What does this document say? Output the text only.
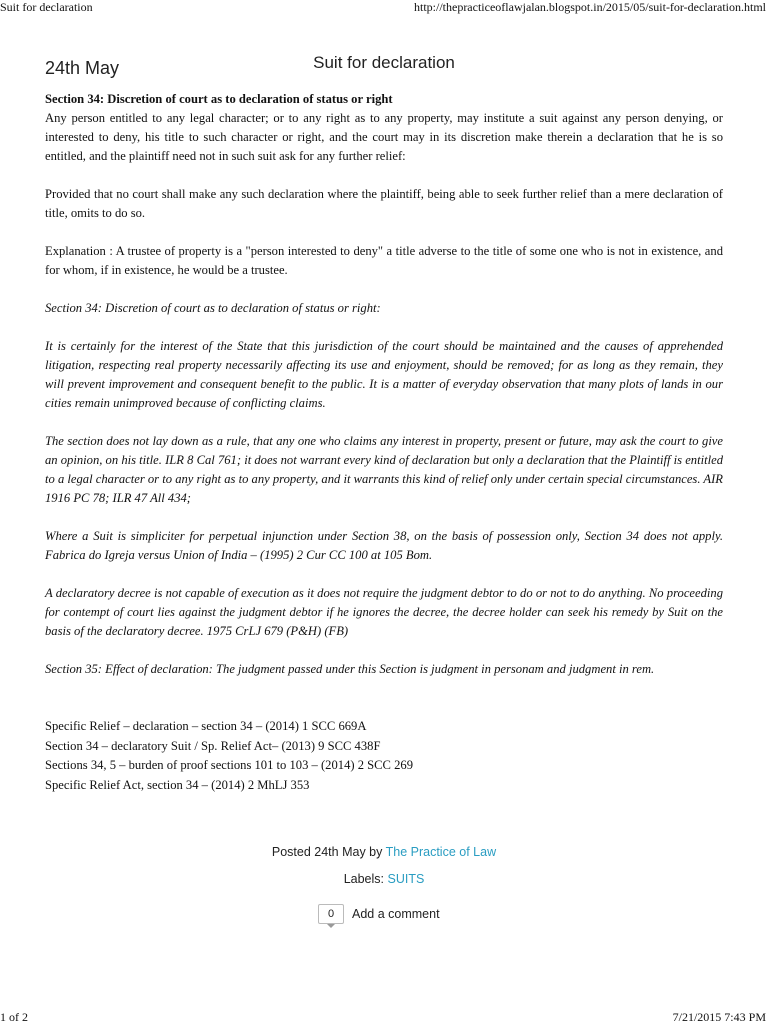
Suit for declaration	http://thepracticeoflawjalan.blogspot.in/2015/05/suit-for-declaration.html
Suit for declaration
24th May

Section 34: Discretion of court as to declaration of status or right

Any person entitled to any legal character; or to any right as to any property, may institute a suit against any person denying, or interested to deny, his title to such character or right, and the court may in its discretion make therein a declaration that he is so entitled, and the plaintiff need not in such suit ask for any further relief:

Provided that no court shall make any such declaration where the plaintiff, being able to seek further relief than a mere declaration of title, omits to do so.

Explanation : A trustee of property is a "person interested to deny" a title adverse to the title of some one who is not in existence, and for whom, if in existence, he would be a trustee.

Section 34: Discretion of court as to declaration of status or right:

It is certainly for the interest of the State that this jurisdiction of the court should be maintained and the causes of apprehended litigation, respecting real property necessarily affecting its use and enjoyment, should be removed; for as long as they remain, they will prevent improvement and consequent benefit to the public. It is a matter of everyday observation that many plots of lands in our cities remain unimproved because of conflicting claims.

The section does not lay down as a rule, that any one who claims any interest in property, present or future, may ask the court to give an opinion, on his title. ILR 8 Cal 761; it does not warrant every kind of declaration but only a declaration that the Plaintiff is entitled to a legal character or to any right as to any property, and it warrants this kind of relief only under certain special circumstances. AIR 1916 PC 78; ILR 47 All 434;

Where a Suit is simpliciter for perpetual injunction under Section 38, on the basis of possession only, Section 34 does not apply. Fabrica do Igreja versus Union of India – (1995) 2 Cur CC 100 at 105 Bom.

A declaratory decree is not capable of execution as it does not require the judgment debtor to do or not to do anything. No proceeding for contempt of court lies against the judgment debtor if he ignores the decree, the decree holder can seek his remedy by Suit on the basis of the declaratory decree. 1975 CrLJ 679 (P&H) (FB)

Section 35: Effect of declaration: The judgment passed under this Section is judgment in personam and judgment in rem.

Specific Relief – declaration – section 34 – (2014) 1 SCC 669A
Section 34 – declaratory Suit / Sp. Relief Act– (2013) 9 SCC 438F
Sections 34, 5 – burden of proof sections 101 to 103 – (2014) 2 SCC 269
Specific Relief Act, section 34 – (2014) 2 MhLJ 353
Posted 24th May by The Practice of Law
Labels: SUITS
0 Add a comment
1 of 2	7/21/2015 7:43 PM
